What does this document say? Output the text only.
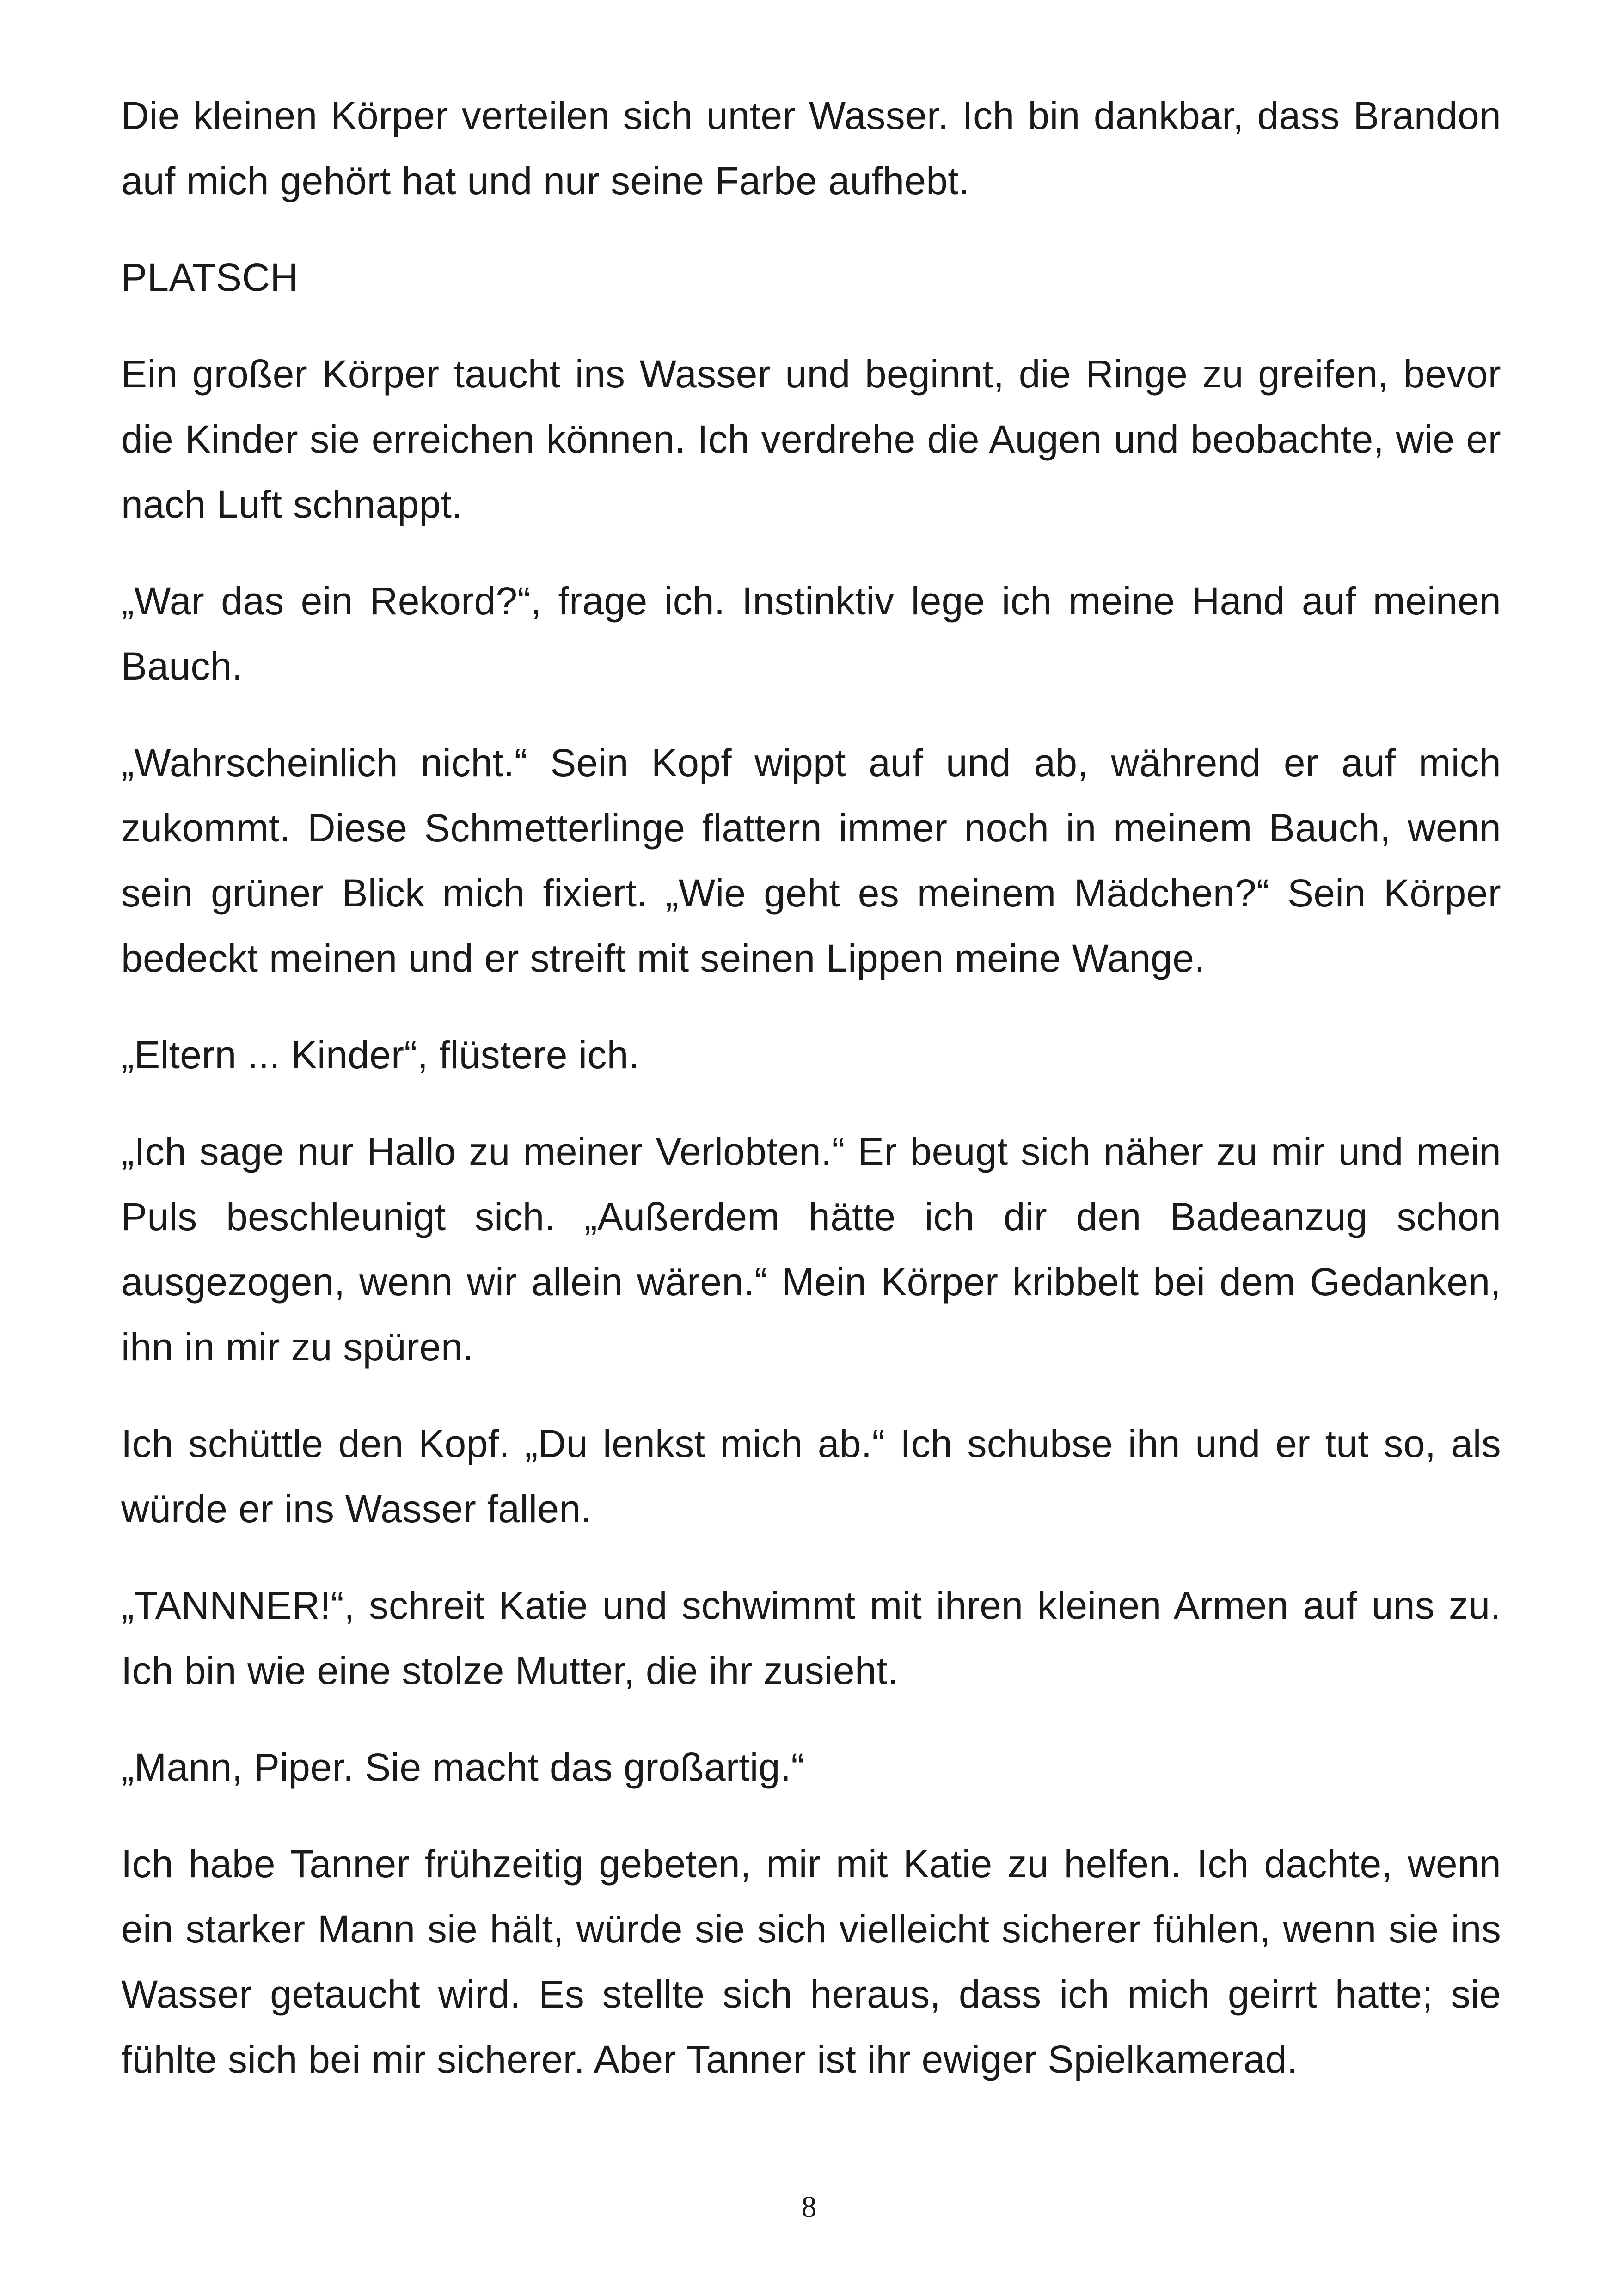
Die kleinen Körper verteilen sich unter Wasser. Ich bin dankbar, dass Brandon auf mich gehört hat und nur seine Farbe aufhebt.

PLATSCH

Ein großer Körper taucht ins Wasser und beginnt, die Ringe zu greifen, bevor die Kinder sie erreichen können. Ich verdrehe die Augen und beobachte, wie er nach Luft schnappt.

„War das ein Rekord?“, frage ich. Instinktiv lege ich meine Hand auf meinen Bauch.

„Wahrscheinlich nicht.“ Sein Kopf wippt auf und ab, während er auf mich zukommt. Diese Schmetterlinge flattern immer noch in meinem Bauch, wenn sein grüner Blick mich fixiert. „Wie geht es meinem Mädchen?“ Sein Körper bedeckt meinen und er streift mit seinen Lippen meine Wange.

„Eltern ... Kinder“, flüstere ich.

„Ich sage nur Hallo zu meiner Verlobten.“ Er beugt sich näher zu mir und mein Puls beschleunigt sich. „Außerdem hätte ich dir den Badeanzug schon ausgezogen, wenn wir allein wären.“ Mein Körper kribbelt bei dem Gedanken, ihn in mir zu spüren.

Ich schüttle den Kopf. „Du lenkst mich ab.“ Ich schubse ihn und er tut so, als würde er ins Wasser fallen.

„TANNNER!“, schreit Katie und schwimmt mit ihren kleinen Armen auf uns zu. Ich bin wie eine stolze Mutter, die ihr zusieht.

„Mann, Piper. Sie macht das großartig.“

Ich habe Tanner frühzeitig gebeten, mir mit Katie zu helfen. Ich dachte, wenn ein starker Mann sie hält, würde sie sich vielleicht sicherer fühlen, wenn sie ins Wasser getaucht wird. Es stellte sich heraus, dass ich mich geirrt hatte; sie fühlte sich bei mir sicherer. Aber Tanner ist ihr ewiger Spielkamerad.

8
